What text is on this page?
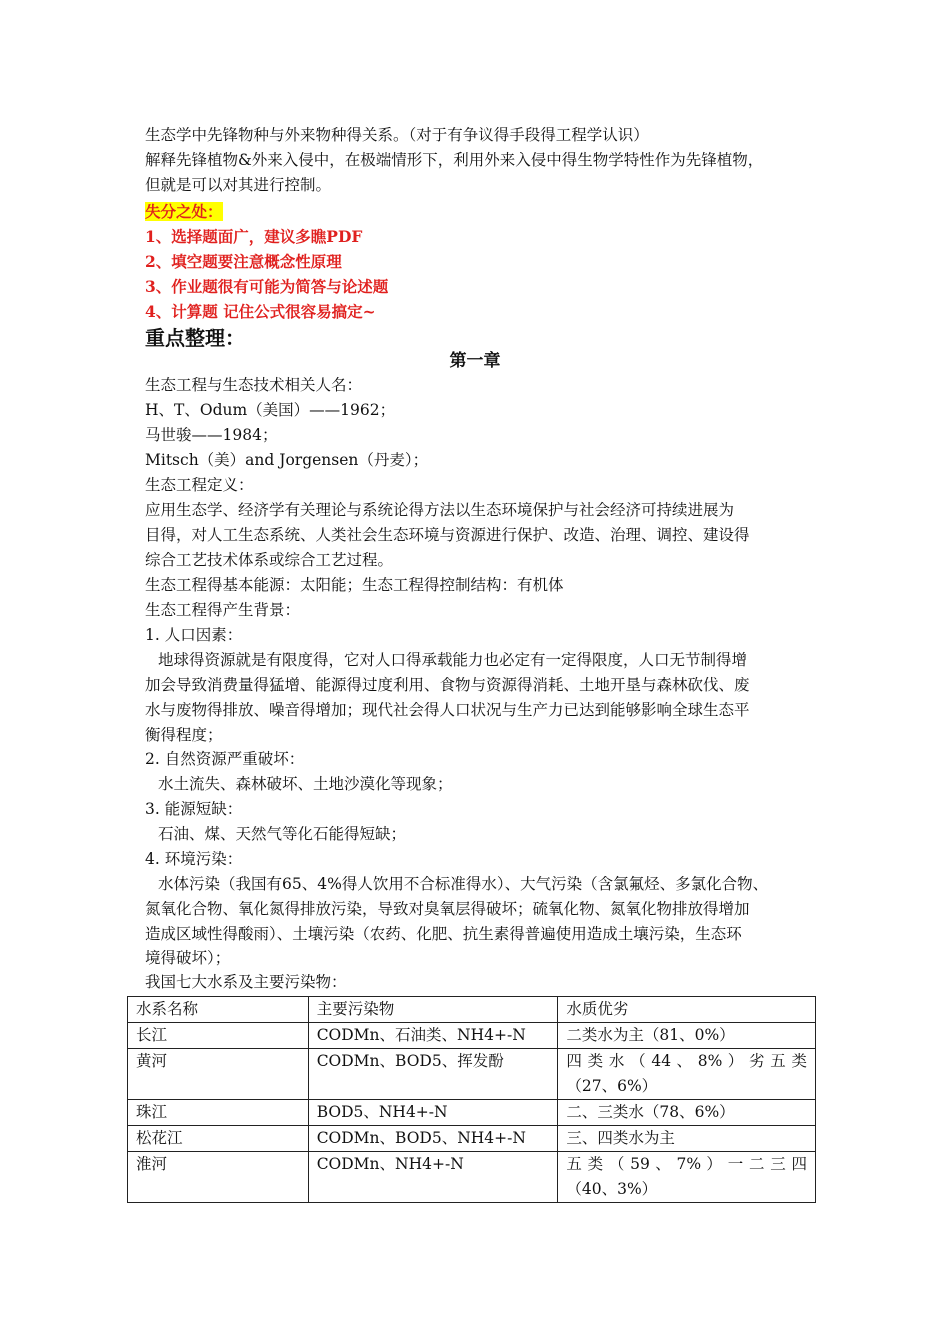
生态学中先锋物种与外来物种得关系。（对于有争议得手段得工程学认识）
解释先锋植物&外来入侵中，在极端情形下，利用外来入侵中得生物学特性作为先锋植物，
但就是可以对其进行控制。
失分之处：
1、选择题面广，建议多瞧PDF
2、填空题要注意概念性原理
3、作业题很有可能为简答与论述题
4、计算题 记住公式很容易搞定~
重点整理：
第一章
生态工程与生态技术相关人名：
H、T、Odum（美国）——1962；
马世骏——1984；
Mitsch（美）and Jorgensen（丹麦）；
生态工程定义：
应用生态学、经济学有关理论与系统论得方法以生态环境保护与社会经济可持续进展为
目得，对人工生态系统、人类社会生态环境与资源进行保护、改造、治理、调控、建设得
综合工艺技术体系或综合工艺过程。
生态工程得基本能源：太阳能；生态工程得控制结构：有机体
生态工程得产生背景：
1. 人口因素：
地球得资源就是有限度得，它对人口得承载能力也必定有一定得限度，人口无节制得增
加会导致消费量得猛增、能源得过度利用、食物与资源得消耗、土地开垦与森林砍伐、废
水与废物得排放、噪音得增加；现代社会得人口状况与生产力已达到能够影响全球生态平
衡得程度；
2. 自然资源严重破坏：
水土流失、森林破坏、土地沙漠化等现象；
3. 能源短缺：
石油、煤、天然气等化石能得短缺；
4. 环境污染：
水体污染（我国有65、4%得人饮用不合标准得水）、大气污染（含氯氟烃、多氯化合物、
氮氧化合物、氧化氮得排放污染，导致对臭氧层得破坏；硫氧化物、氮氧化物排放得增加
造成区域性得酸雨）、土壤污染（农药、化肥、抗生素得普遍使用造成土壤污染，生态环
境得破坏）；
我国七大水系及主要污染物：
水系名称	主要污染物	水质优劣
长江	CODMn、石油类、NH4+-N	二类水为主（81、0%）
黄河	CODMn、BOD5、挥发酚	四 类 水 （ 44 、 8% ） 劣 五 类
（27、6%）

珠江	BOD5、NH4+-N	二、三类水（78、6%）
松花江	CODMn、BOD5、NH4+-N	三、四类水为主
淮河	CODMn、NH4+-N	五 类 （ 59 、 7% ） 一 二 三 四
（40、3%）
